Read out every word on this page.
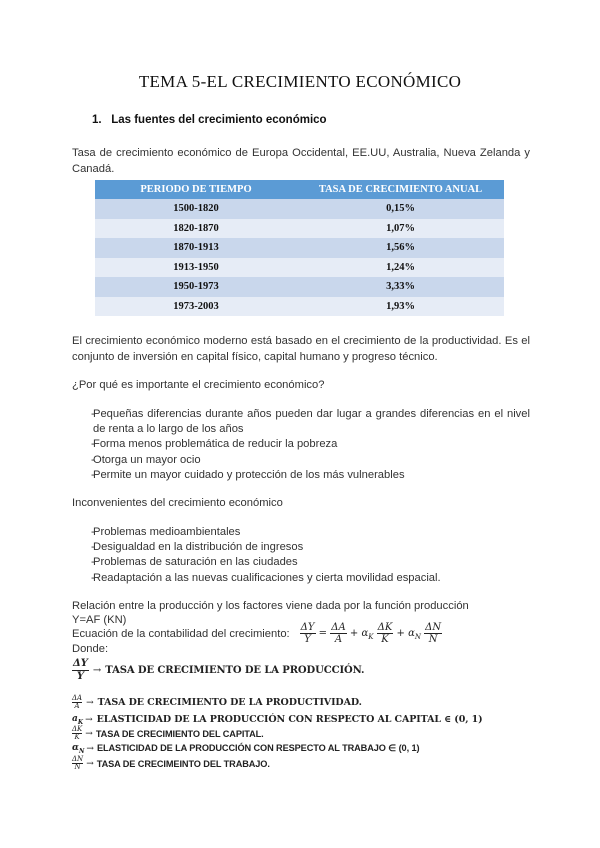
TEMA 5-EL CRECIMIENTO ECONÓMICO
1. Las fuentes del crecimiento económico
Tasa de crecimiento económico de Europa Occidental, EE.UU, Australia, Nueva Zelanda y Canadá.
PERIODO DE TIEMPO	TASA DE CRECIMIENTO ANUAL
1500-1820	0,15%
1820-1870	1,07%
1870-1913	1,56%
1913-1950	1,24%
1950-1973	3,33%
1973-2003	1,93%
El crecimiento económico moderno está basado en el crecimiento de la productividad. Es el conjunto de inversión en capital físico, capital humano y progreso técnico.
¿Por qué es importante el crecimiento económico?
- Pequeñas diferencias durante años pueden dar lugar a grandes diferencias en el nivel de renta a lo largo de los años
- Forma menos problemática de reducir la pobreza
- Otorga un mayor ocio
- Permite un mayor cuidado y protección de los más vulnerables
Inconvenientes del crecimiento económico
- Problemas medioambientales
- Desigualdad en la distribución de ingresos
- Problemas de saturación en las ciudades
- Readaptación a las nuevas cualificaciones y cierta movilidad espacial.
Relación entre la producción y los factores viene dada por la función producción
Y=AF (KN)
Ecuación de la contabilidad del crecimiento: $\frac{\Delta Y}{Y} = \frac{\Delta A}{A} + \alpha_K \frac{\Delta K}{K} + \alpha_N \frac{\Delta N}{N}$
Donde:
$\frac{\Delta Y}{Y}$ → TASA DE CRECIMIENTO DE LA PRODUCCIÓN.
ΔA
A → TASA DE CRECIMIENTO DE LA PRODUCTIVIDAD.
$a_K$ → ELASTICIDAD DE LA PRODUCCIÓN CON RESPECTO AL CAPITAL ∈ (0, 1)
ΔK
K → TASA DE CRECIMIENTO DEL CAPITAL.
$\alpha_N$ → ELASTICIDAD DE LA PRODUCCIÓN CON RESPECTO AL TRABAJO ∈ (0, 1)
ΔN
N → TASA DE CRECIMEINTO DEL TRABAJO.
